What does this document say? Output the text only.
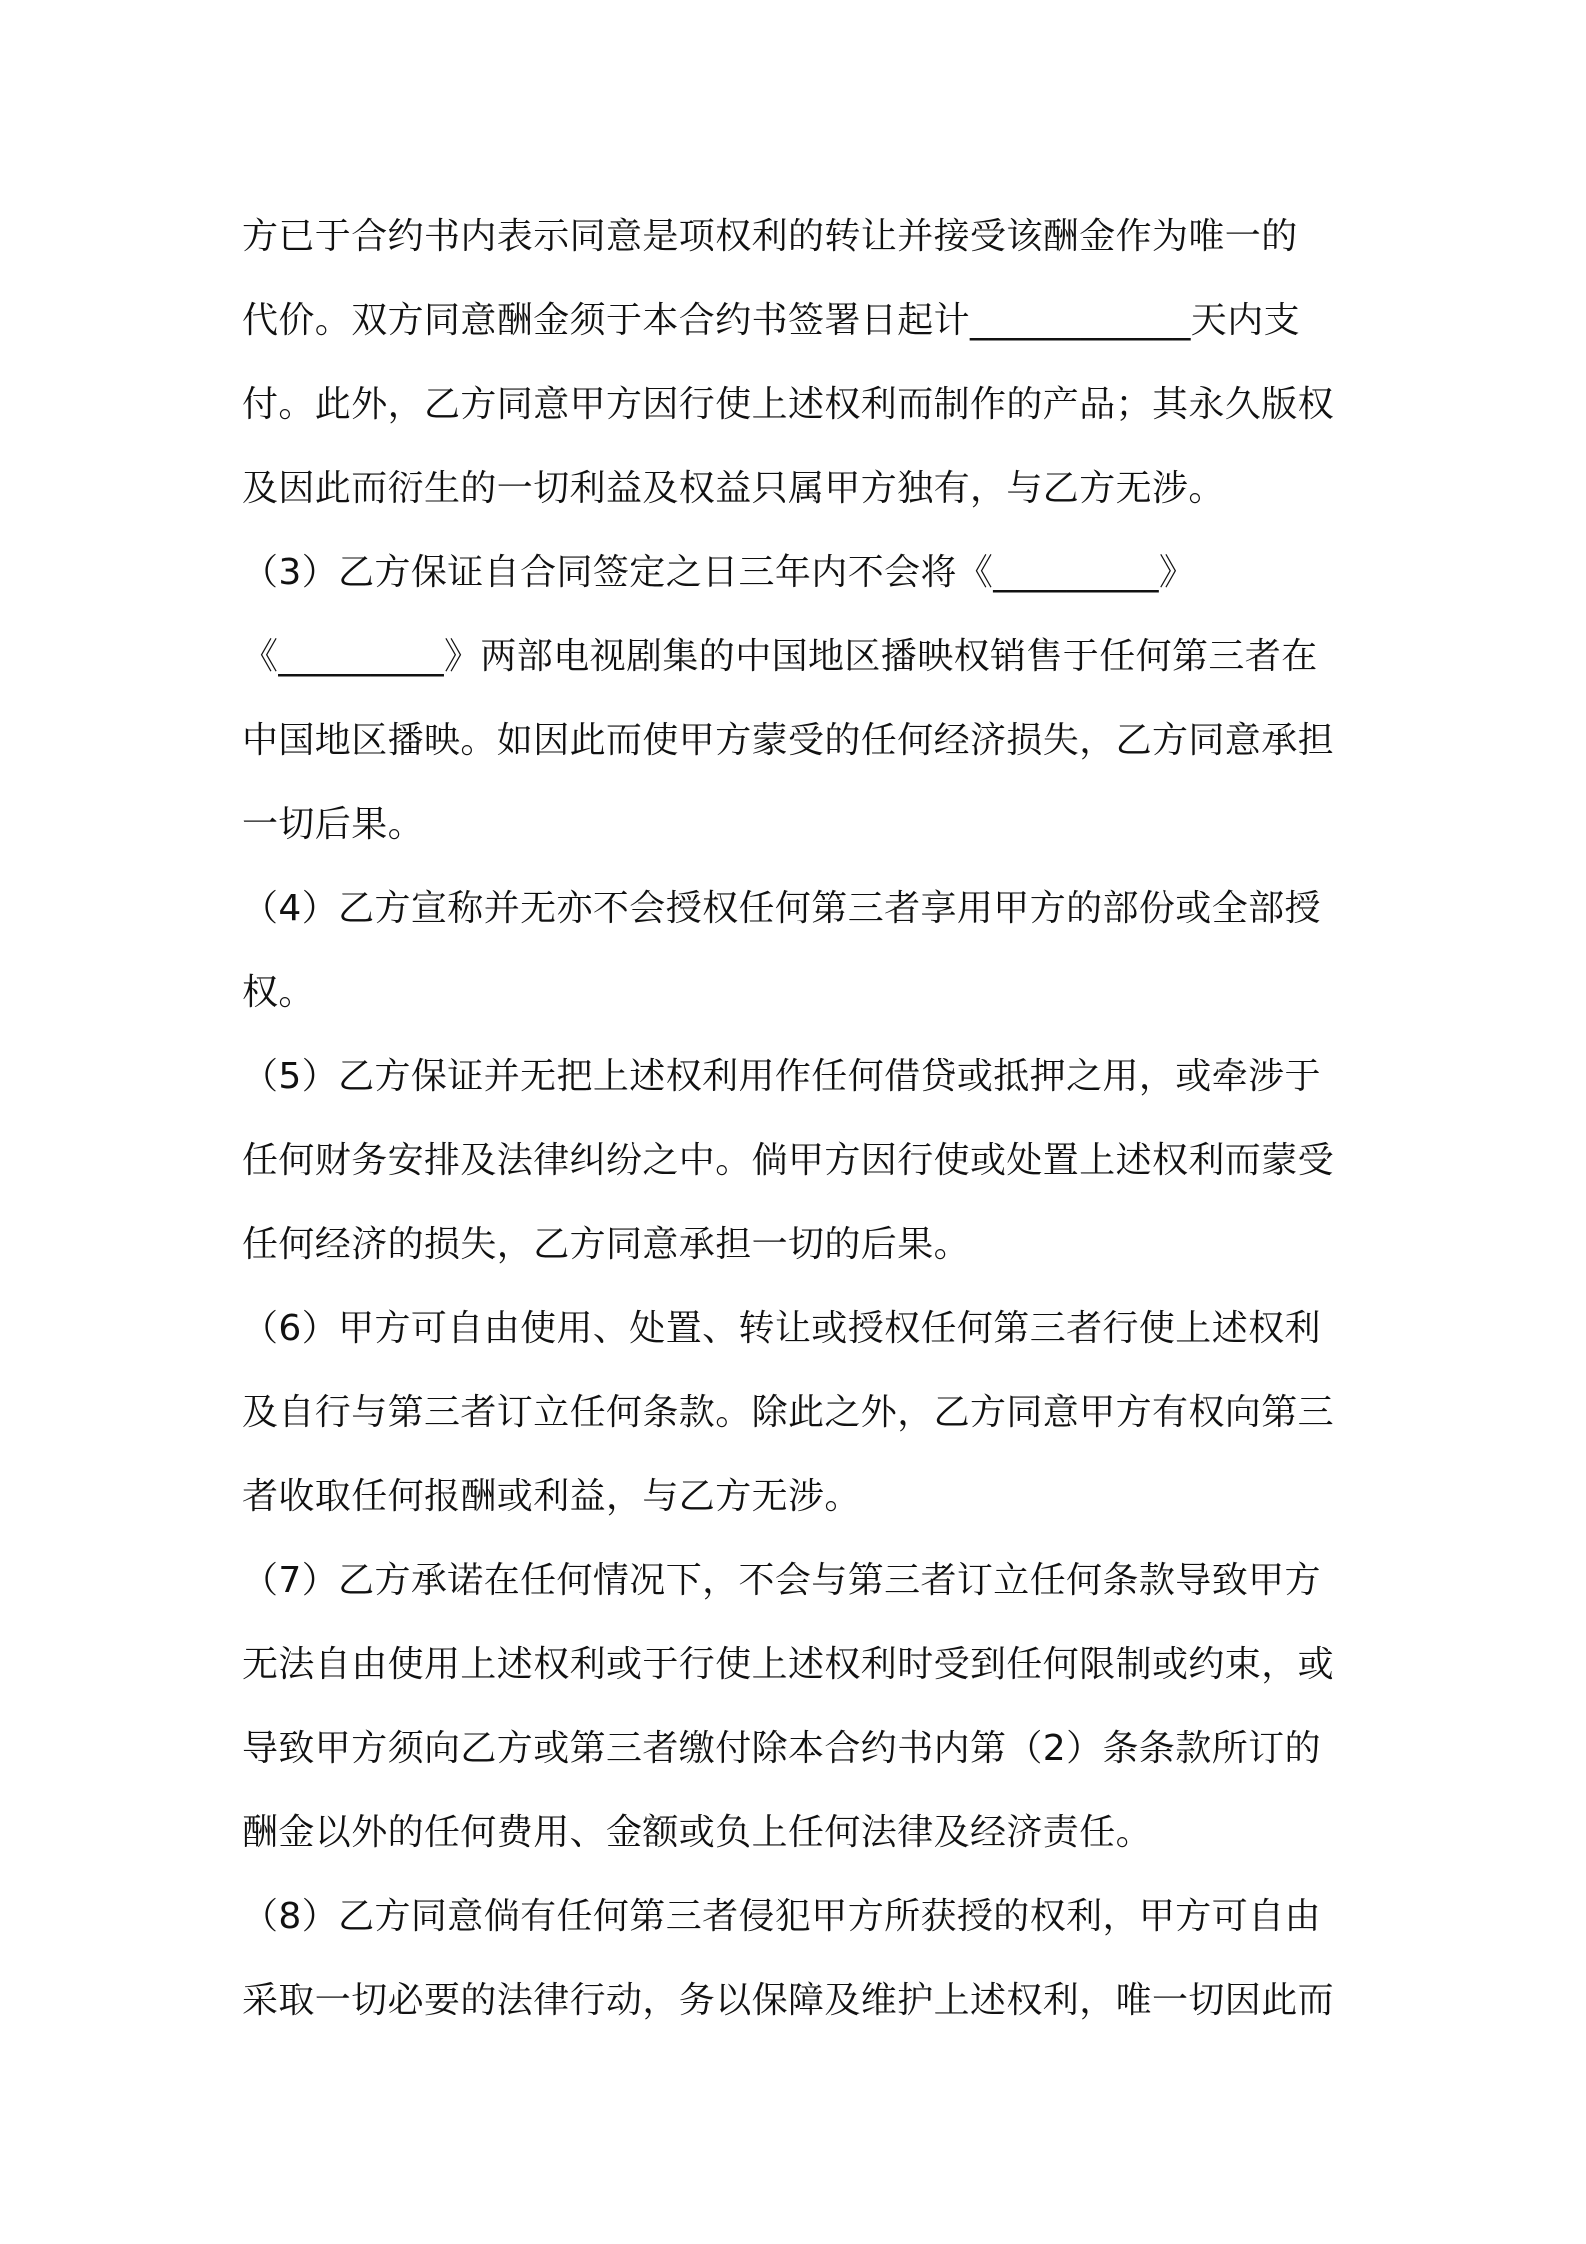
方已于合约书内表示同意是项权利的转让并接受该酬金作为唯一的
代价。双方同意酬金须于本合约书签署日起计____________天内支
付。此外，乙方同意甲方因行使上述权利而制作的产品；其永久版权
及因此而衍生的一切利益及权益只属甲方独有，与乙方无涉。
（3）乙方保证自合同签定之日三年内不会将《_________》
《_________》两部电视剧集的中国地区播映权销售于任何第三者在
中国地区播映。如因此而使甲方蒙受的任何经济损失，乙方同意承担
一切后果。
（4）乙方宣称并无亦不会授权任何第三者享用甲方的部份或全部授
权。
（5）乙方保证并无把上述权利用作任何借贷或抵押之用，或牵涉于
任何财务安排及法律纠纷之中。倘甲方因行使或处置上述权利而蒙受
任何经济的损失，乙方同意承担一切的后果。
（6）甲方可自由使用、处置、转让或授权任何第三者行使上述权利
及自行与第三者订立任何条款。除此之外，乙方同意甲方有权向第三
者收取任何报酬或利益，与乙方无涉。
（7）乙方承诺在任何情况下，不会与第三者订立任何条款导致甲方
无法自由使用上述权利或于行使上述权利时受到任何限制或约束，或
导致甲方须向乙方或第三者缴付除本合约书内第（2）条条款所订的
酬金以外的任何费用、金额或负上任何法律及经济责任。
（8）乙方同意倘有任何第三者侵犯甲方所获授的权利，甲方可自由
采取一切必要的法律行动，务以保障及维护上述权利，唯一切因此而
